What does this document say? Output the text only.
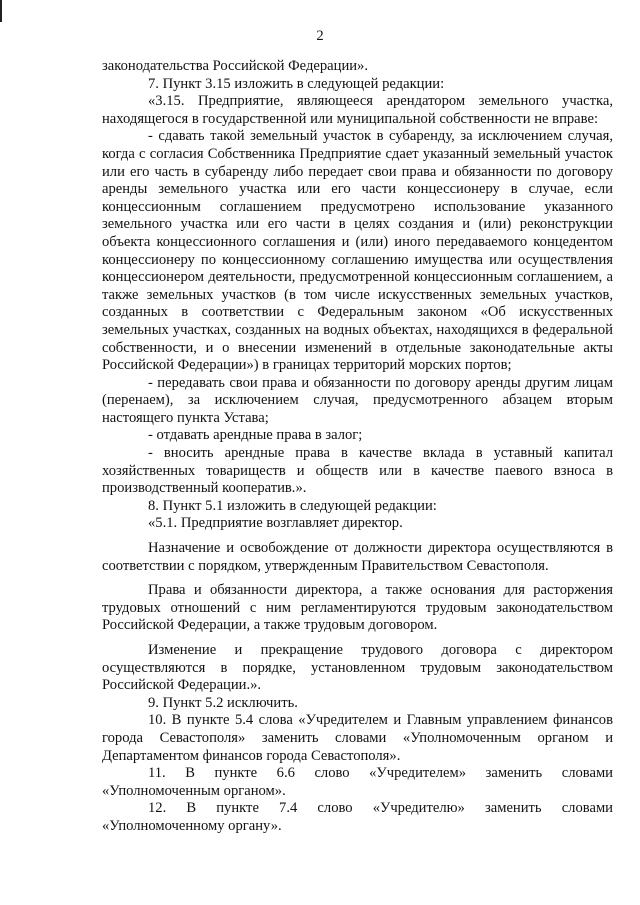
2

законодательства Российской Федерации».

7. Пункт 3.15 изложить в следующей редакции:

«3.15. Предприятие, являющееся арендатором земельного участка, находящегося в государственной или муниципальной собственности не вправе:

- сдавать такой земельный участок в субаренду, за исключением случая, когда с согласия Собственника Предприятие сдает указанный земельный участок или его часть в субаренду либо передает свои права и обязанности по договору аренды земельного участка или его части концессионеру в случае, если концессионным соглашением предусмотрено использование указанного земельного участка или его части в целях создания и (или) реконструкции объекта концессионного соглашения и (или) иного передаваемого концедентом концессионеру по концессионному соглашению имущества или осуществления концессионером деятельности, предусмотренной концессионным соглашением, а также земельных участков (в том числе искусственных земельных участков, созданных в соответствии с Федеральным законом «Об искусственных земельных участках, созданных на водных объектах, находящихся в федеральной собственности, и о внесении изменений в отдельные законодательные акты Российской Федерации») в границах территорий морских портов;

- передавать свои права и обязанности по договору аренды другим лицам (перенаем), за исключением случая, предусмотренного абзацем вторым настоящего пункта Устава;

- отдавать арендные права в залог;

- вносить арендные права в качестве вклада в уставный капитал хозяйственных товариществ и обществ или в качестве паевого взноса в производственный кооператив.».

8. Пункт 5.1 изложить в следующей редакции:

«5.1. Предприятие возглавляет директор.

Назначение и освобождение от должности директора осуществляются в соответствии с порядком, утвержденным Правительством Севастополя.

Права и обязанности директора, а также основания для расторжения трудовых отношений с ним регламентируются трудовым законодательством Российской Федерации, а также трудовым договором.

Изменение и прекращение трудового договора с директором осуществляются в порядке, установленном трудовым законодательством Российской Федерации.».

9. Пункт 5.2 исключить.

10. В пункте 5.4 слова «Учредителем и Главным управлением финансов города Севастополя» заменить словами «Уполномоченным органом и Департаментом финансов города Севастополя».

11. В пункте 6.6 слово «Учредителем» заменить словами «Уполномоченным органом».

12. В пункте 7.4 слово «Учредителю» заменить словами «Уполномоченному органу».
